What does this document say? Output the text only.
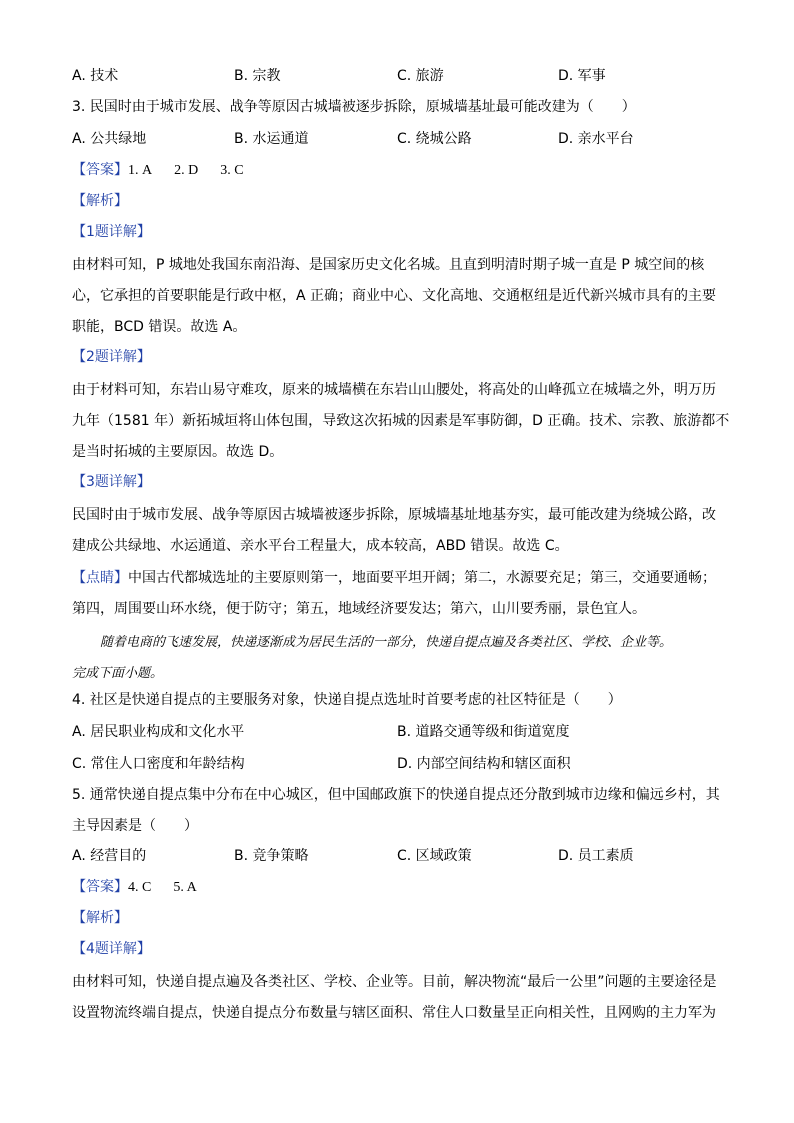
A. 技术	B. 宗教	C. 旅游	D. 军事
3. 民国时由于城市发展、战争等原因古城墙被逐步拆除，原城墙基址最可能改建为（　　）
A. 公共绿地	B. 水运通道	C. 绕城公路	D. 亲水平台
【答案】1. A 2. D 3. C
【解析】
【1题详解】
由材料可知，P 城地处我国东南沿海、是国家历史文化名城。且直到明清时期子城一直是 P 城空间的核
心，它承担的首要职能是行政中枢，A 正确；商业中心、文化高地、交通枢纽是近代新兴城市具有的主要
职能，BCD 错误。故选 A。
【2题详解】
由于材料可知，东岩山易守难攻，原来的城墙横在东岩山山腰处，将高处的山峰孤立在城墙之外，明万历
九年（1581 年）新拓城垣将山体包围，导致这次拓城的因素是军事防御，D 正确。技术、宗教、旅游都不
是当时拓城的主要原因。故选 D。
【3题详解】
民国时由于城市发展、战争等原因古城墙被逐步拆除，原城墙基址地基夯实，最可能改建为绕城公路，改
建成公共绿地、水运通道、亲水平台工程量大，成本较高，ABD 错误。故选 C。
【点睛】中国古代都城选址的主要原则第一，地面要平坦开阔；第二，水源要充足；第三，交通要通畅；
第四，周围要山环水绕，便于防守；第五，地域经济要发达；第六，山川要秀丽，景色宜人。
随着电商的飞速发展，快递逐渐成为居民生活的一部分，快递自提点遍及各类社区、学校、企业等。
完成下面小题。
4. 社区是快递自提点的主要服务对象，快递自提点选址时首要考虑的社区特征是（　　）
A. 居民职业构成和文化水平	B. 道路交通等级和街道宽度
C. 常住人口密度和年龄结构	D. 内部空间结构和辖区面积
5. 通常快递自提点集中分布在中心城区，但中国邮政旗下的快递自提点还分散到城市边缘和偏远乡村，其
主导因素是（　　）
A. 经营目的	B. 竞争策略	C. 区域政策	D. 员工素质
【答案】4. C 5. A
【解析】
【4题详解】
由材料可知，快递自提点遍及各类社区、学校、企业等。目前，解决物流“最后一公里”问题的主要途径是
设置物流终端自提点，快递自提点分布数量与辖区面积、常住人口数量呈正向相关性，且网购的主力军为
